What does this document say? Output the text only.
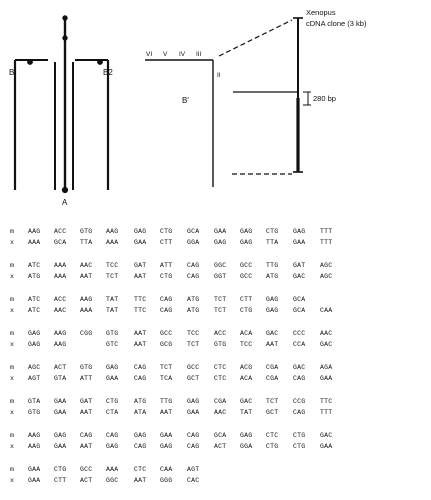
A
B'	B2
B'
II
III
IV
V
VI
Xenopus
cDNA clone (3 kb)
280 bp
m AAG ACC GTG AAG GAG CTG GCA GAA GAG CTG GAG TTT
x AAA GCA TTA AAA GAA CTT GGA GAG GAG TTA GAA TTT
m ATC AAA AAC TCC GAT ATT CAG GGC GCC TTG GAT AGC
x ATG AAA AAT TCT AAT CTG CAG GGT GCC ATG GAC AGC
m ATC ACC AAG TAT TTC CAG ATG TCT CTT GAG GCA
x ATC AAC AAA TAT TTC CAG ATG TCT CTG GAG GCA CAA
m GAG AAG CGG GTG AAT GCC TCC ACC ACA GAC CCC AAC
x GAG AAG	GTC AAT GCG TCT GTG TCC AAT CCA GAC
m AGC ACT GTG GAG CAG TCT GCC CTC ACG CGA GAC AGA
x AGT GTA ATT GAA CAG TCA GCT CTC ACA CGA CAG GAA
m GTA GAA GAT CTG ATG TTG GAG CGA GAC TCT CCG TTC
x GTG GAA AAT CTA ATA AAT GAA AAC TAT GCT CAG TTT
m AAG GAG CAG CAG GAG GAA CAG GCA GAG CTC CTG GAC
x AAG GAA AAT GAG CAG GAG CAG ACT GGA CTG CTG GAA
m GAA CTG GCC AAA CTC CAA AGT
x GAA CTT ACT GGC AAT GGG CAC
